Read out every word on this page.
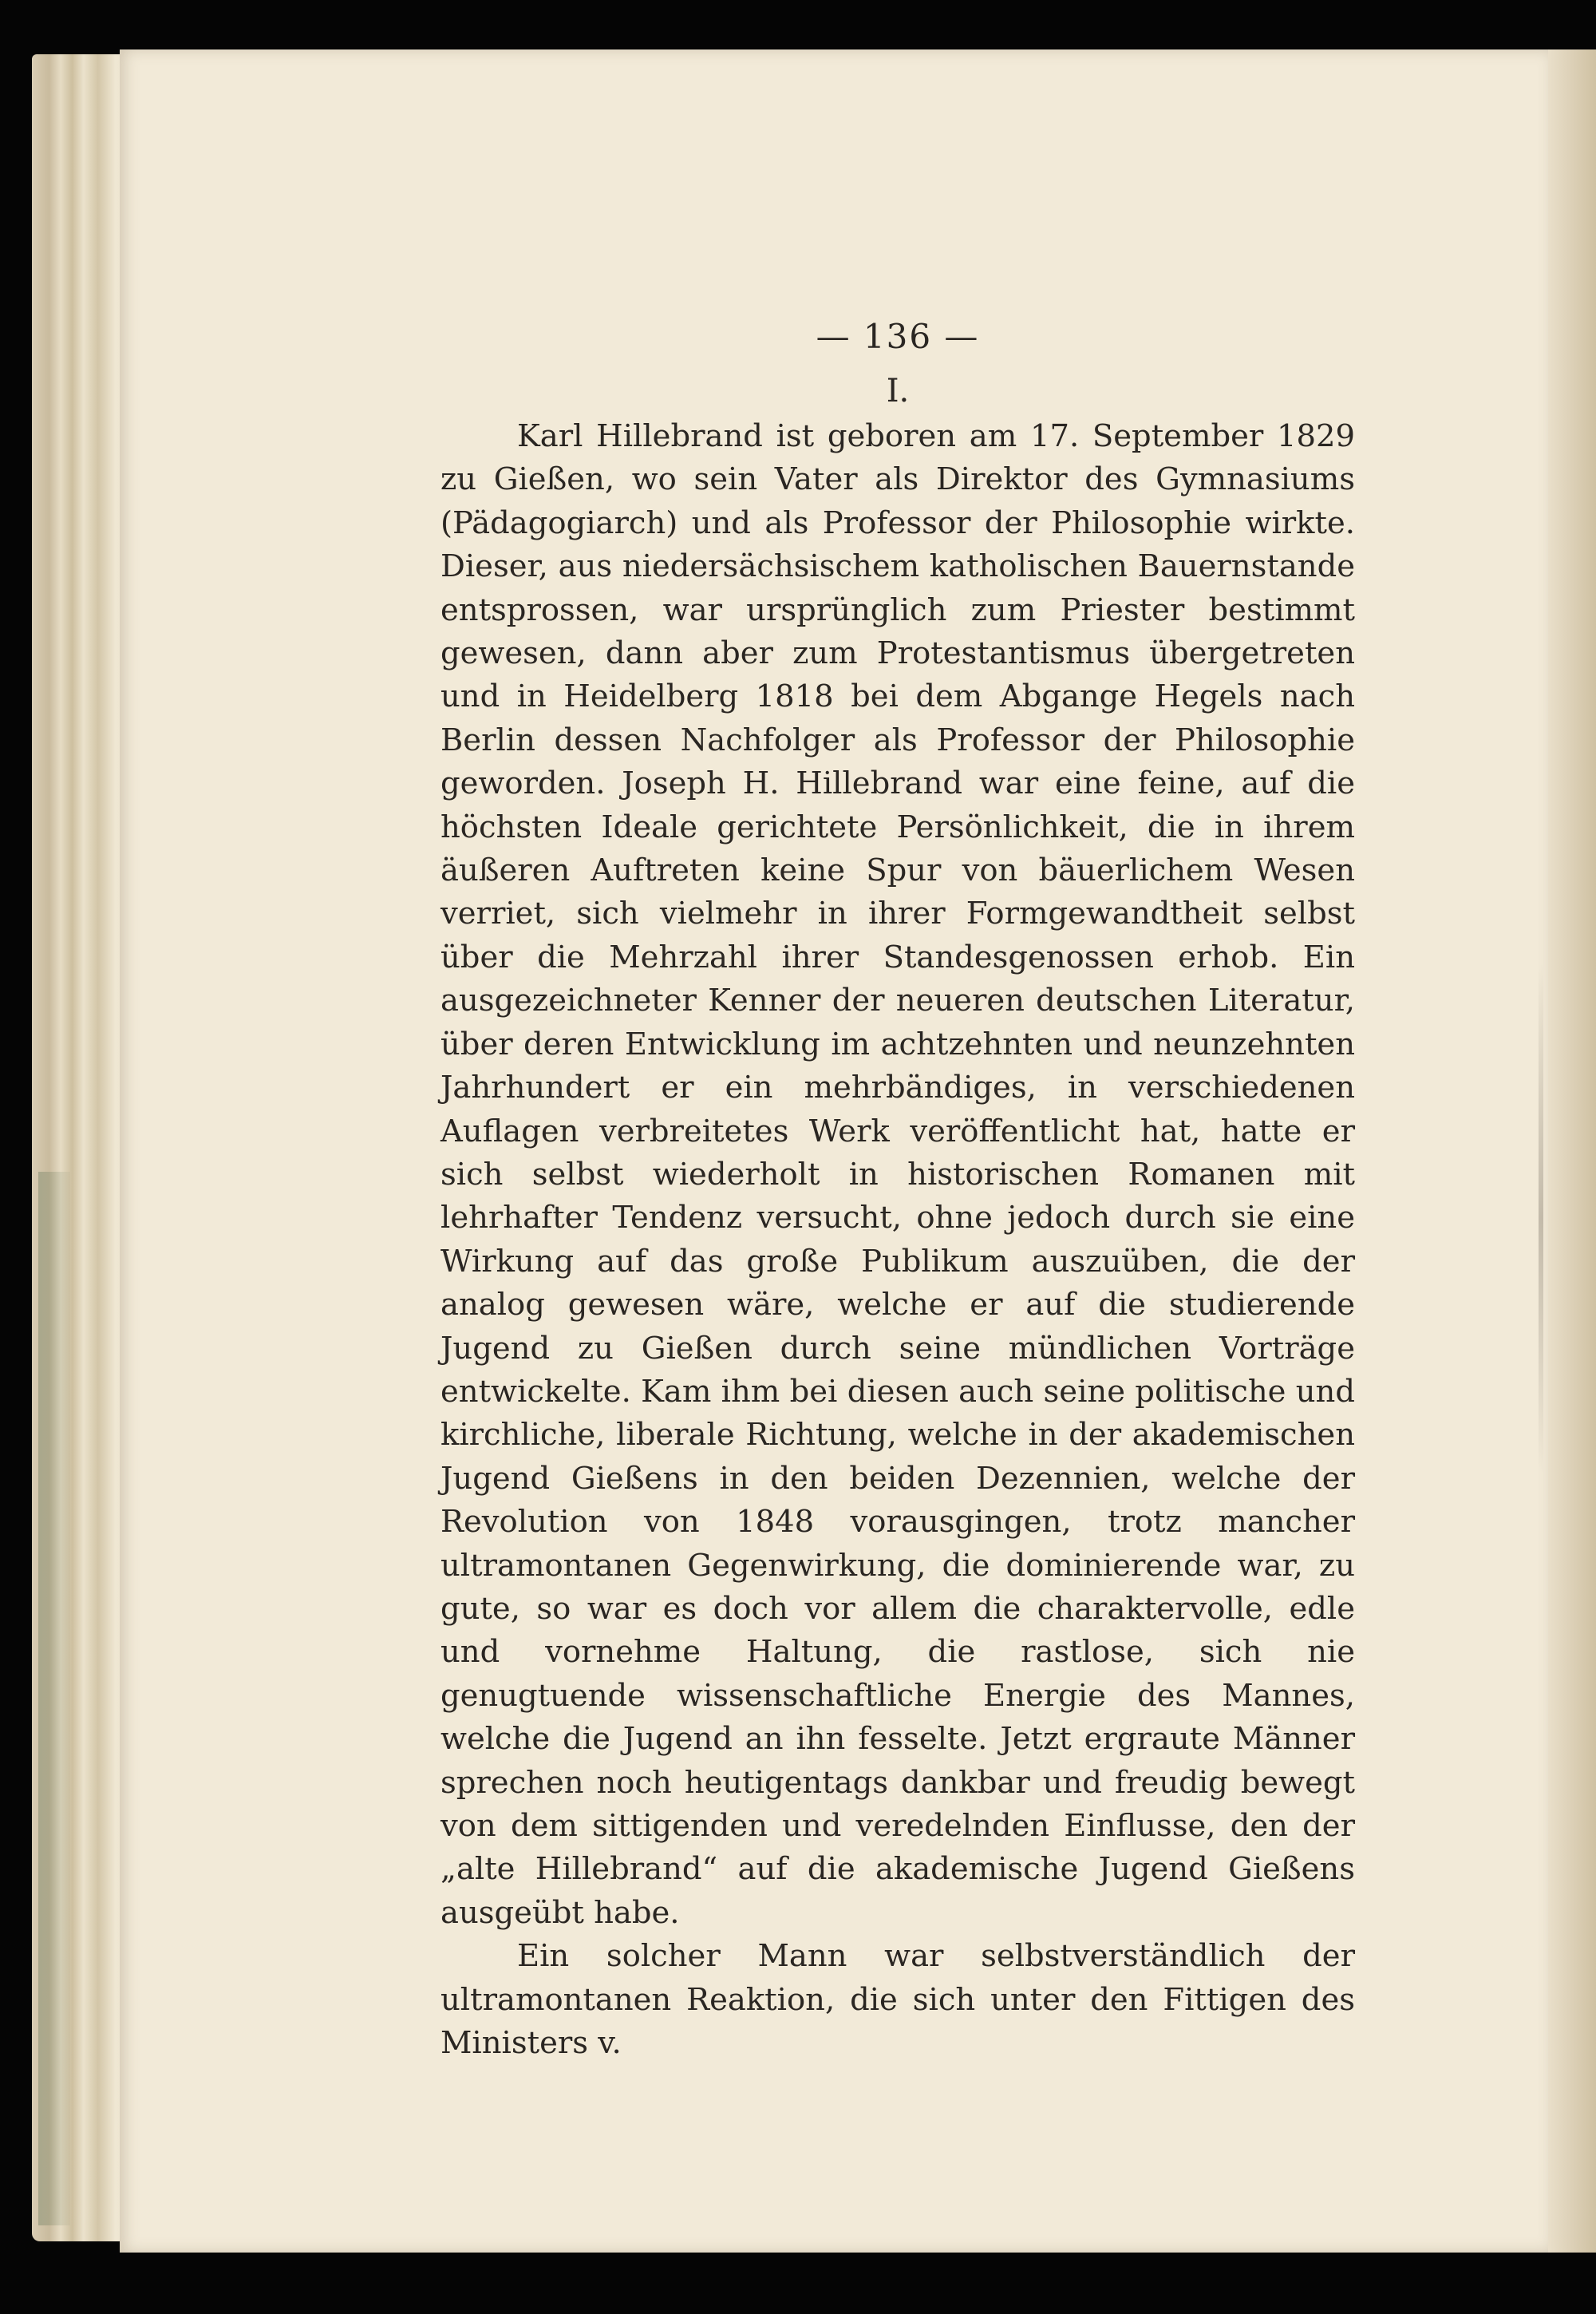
— 136 —
I.

Karl Hillebrand ist geboren am 17. September 1829 zu Gießen, wo sein Vater als Direktor des Gymnasiums (Pädagogiarch) und als Professor der Philosophie wirkte. Dieser, aus niedersächsischem katholischen Bauernstande entsprossen, war ursprünglich zum Priester bestimmt gewesen, dann aber zum Protestantismus übergetreten und in Heidelberg 1818 bei dem Abgange Hegels nach Berlin dessen Nachfolger als Professor der Philosophie geworden. Joseph H. Hillebrand war eine feine, auf die höchsten Ideale gerichtete Persönlichkeit, die in ihrem äußeren Auftreten keine Spur von bäuerlichem Wesen verriet, sich vielmehr in ihrer Formgewandtheit selbst über die Mehrzahl ihrer Standesgenossen erhob. Ein ausgezeichneter Kenner der neueren deutschen Literatur, über deren Entwicklung im achtzehnten und neunzehnten Jahrhundert er ein mehrbändiges, in verschiedenen Auflagen verbreitetes Werk veröffentlicht hat, hatte er sich selbst wiederholt in historischen Romanen mit lehrhafter Tendenz versucht, ohne jedoch durch sie eine Wirkung auf das große Publikum auszuüben, die der analog gewesen wäre, welche er auf die studierende Jugend zu Gießen durch seine mündlichen Vorträge entwickelte. Kam ihm bei diesen auch seine politische und kirchliche, liberale Richtung, welche in der akademischen Jugend Gießens in den beiden Dezennien, welche der Revolution von 1848 vorausgingen, trotz mancher ultramontanen Gegenwirkung, die dominierende war, zu gute, so war es doch vor allem die charaktervolle, edle und vornehme Haltung, die rastlose, sich nie genugtuende wissenschaftliche Energie des Mannes, welche die Jugend an ihn fesselte. Jetzt ergraute Männer sprechen noch heutigentags dankbar und freudig bewegt von dem sittigenden und veredelnden Einflusse, den der „alte Hillebrand“ auf die akademische Jugend Gießens ausgeübt habe.

Ein solcher Mann war selbstverständlich der ultramontanen Reaktion, die sich unter den Fittigen des Ministers v.
